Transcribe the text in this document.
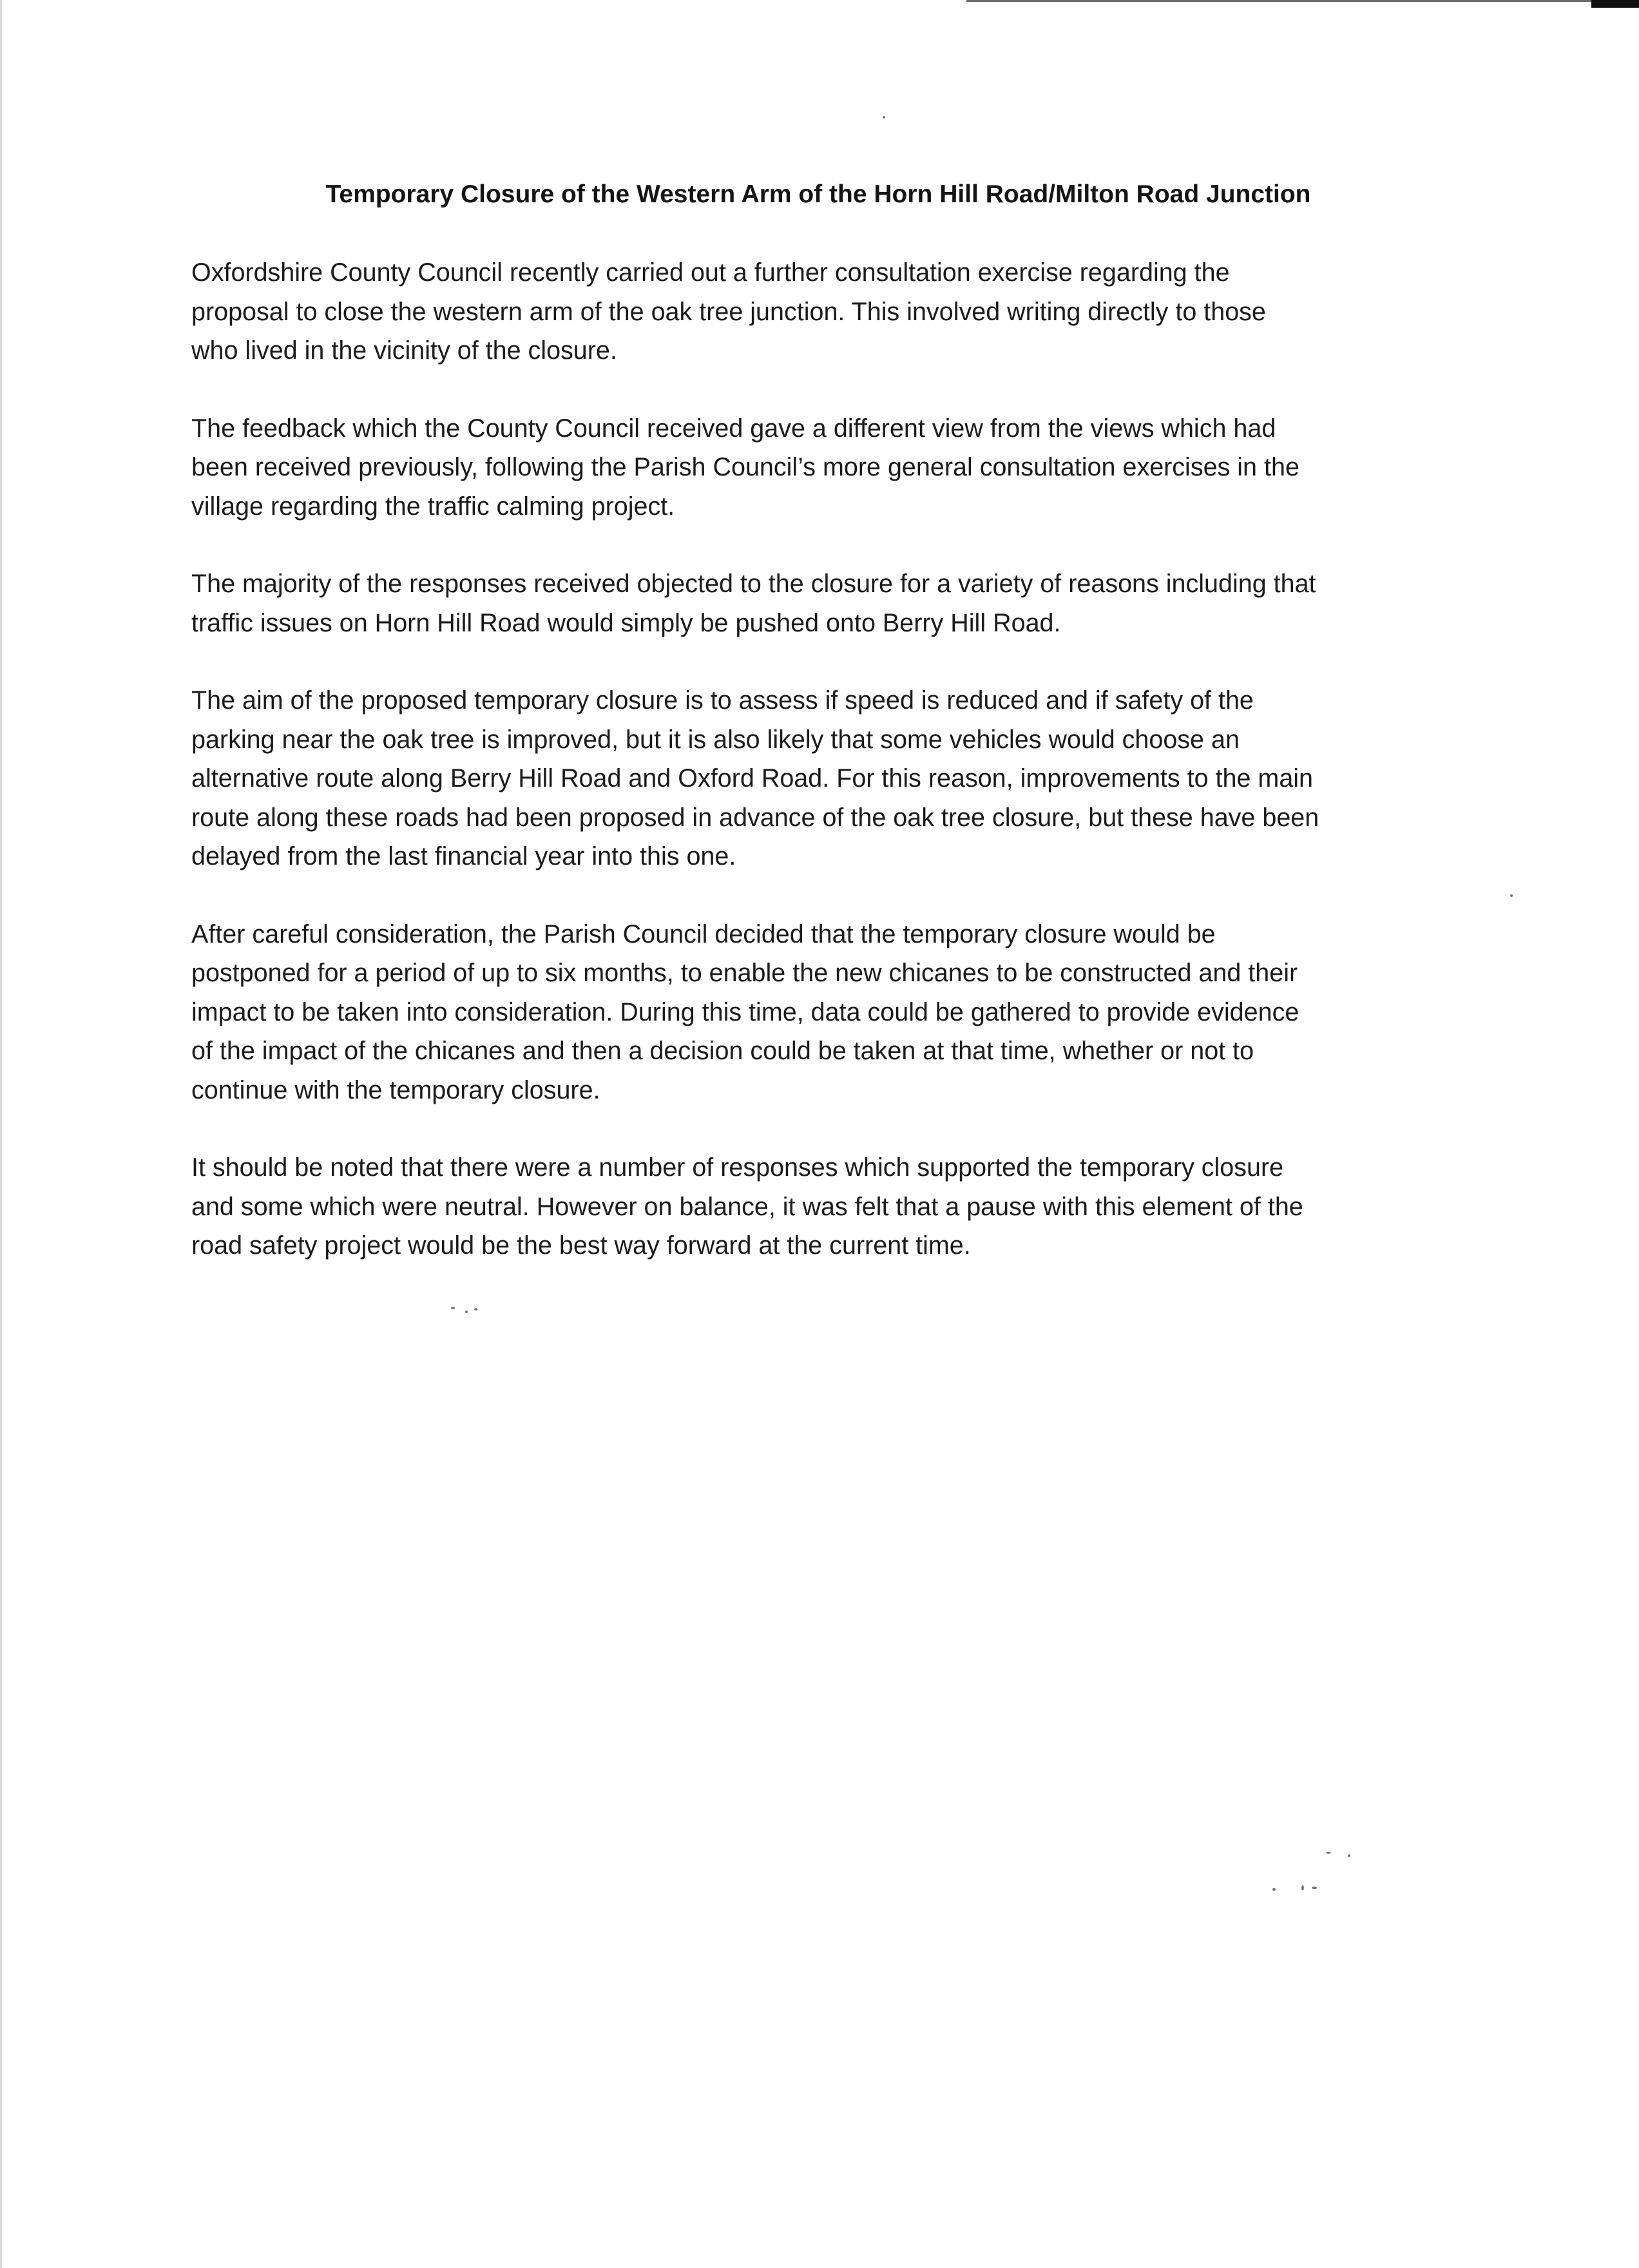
Temporary Closure of the Western Arm of the Horn Hill Road/Milton Road Junction

Oxfordshire County Council recently carried out a further consultation exercise regarding the
proposal to close the western arm of the oak tree junction. This involved writing directly to those
who lived in the vicinity of the closure.

The feedback which the County Council received gave a different view from the views which had
been received previously, following the Parish Council’s more general consultation exercises in the
village regarding the traffic calming project.

The majority of the responses received objected to the closure for a variety of reasons including that
traffic issues on Horn Hill Road would simply be pushed onto Berry Hill Road.

The aim of the proposed temporary closure is to assess if speed is reduced and if safety of the
parking near the oak tree is improved, but it is also likely that some vehicles would choose an
alternative route along Berry Hill Road and Oxford Road. For this reason, improvements to the main
route along these roads had been proposed in advance of the oak tree closure, but these have been
delayed from the last financial year into this one.

After careful consideration, the Parish Council decided that the temporary closure would be
postponed for a period of up to six months, to enable the new chicanes to be constructed and their
impact to be taken into consideration. During this time, data could be gathered to provide evidence
of the impact of the chicanes and then a decision could be taken at that time, whether or not to
continue with the temporary closure.

It should be noted that there were a number of responses which supported the temporary closure
and some which were neutral. However on balance, it was felt that a pause with this element of the
road safety project would be the best way forward at the current time.
